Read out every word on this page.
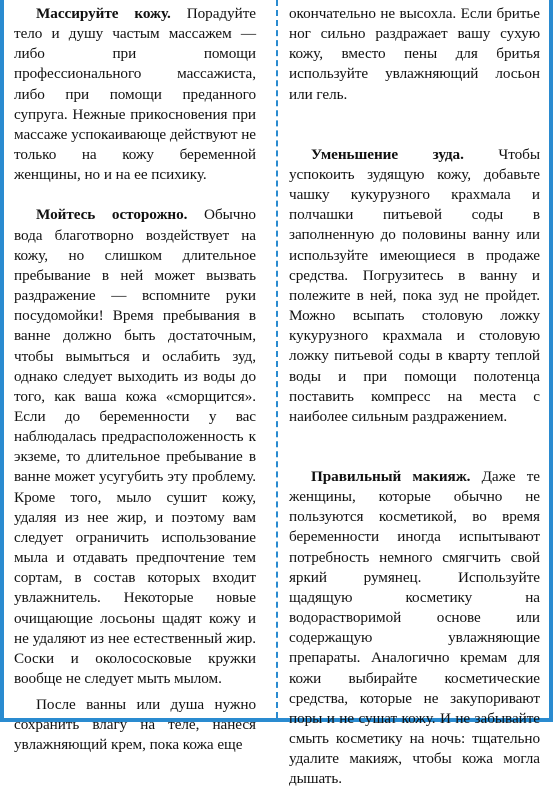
Массируйте кожу. Порадуйте тело и душу частым массажем — либо при помощи профессионального массажиста, либо при помощи преданного супруга. Нежные прикосновения при массаже успокаивающе действуют не только на кожу беременной женщины, но и на ее психику.

Мойтесь осторожно. Обычно вода благотворно воздействует на кожу, но слишком длительное пребывание в ней может вызвать раздражение — вспомните руки посудомойки! Время пребывания в ванне должно быть достаточным, чтобы вымыться и ослабить зуд, однако следует выходить из воды до того, как ваша кожа «сморщится». Если до беременности у вас наблюдалась предрасположенность к экземе, то длительное пребывание в ванне может усугубить эту проблему. Кроме того, мыло сушит кожу, удаляя из нее жир, и поэтому вам следует ограничить использование мыла и отдавать предпочтение тем сортам, в состав которых входит увлажнитель. Некоторые новые очищающие лосьоны щадят кожу и не удаляют из нее естественный жир. Соски и околососковые кружки вообще не следует мыть мылом.

После ванны или душа нужно сохранить влагу на теле, нанеся увлажняющий крем, пока кожа еще

окончательно не высохла. Если бритье ног сильно раздражает вашу сухую кожу, вместо пены для бритья используйте увлажняющий лосьон или гель.

Уменьшение зуда. Чтобы успокоить зудящую кожу, добавьте чашку кукурузного крахмала и полчашки питьевой соды в заполненную до половины ванну или используйте имеющиеся в продаже средства. Погрузитесь в ванну и полежите в ней, пока зуд не пройдет. Можно всыпать столовую ложку кукурузного крахмала и столовую ложку питьевой соды в кварту теплой воды и при помощи полотенца поставить компресс на места с наиболее сильным раздражением.

Правильный макияж. Даже те женщины, которые обычно не пользуются косметикой, во время беременности иногда испытывают потребность немного смягчить свой яркий румянец. Используйте щадящую косметику на водорастворимой основе или содержащую увлажняющие препараты. Аналогично кремам для кожи выбирайте косметические средства, которые не закупоривают поры и не сушат кожу. И не забывайте смыть косметику на ночь: тщательно удалите макияж, чтобы кожа могла дышать.
